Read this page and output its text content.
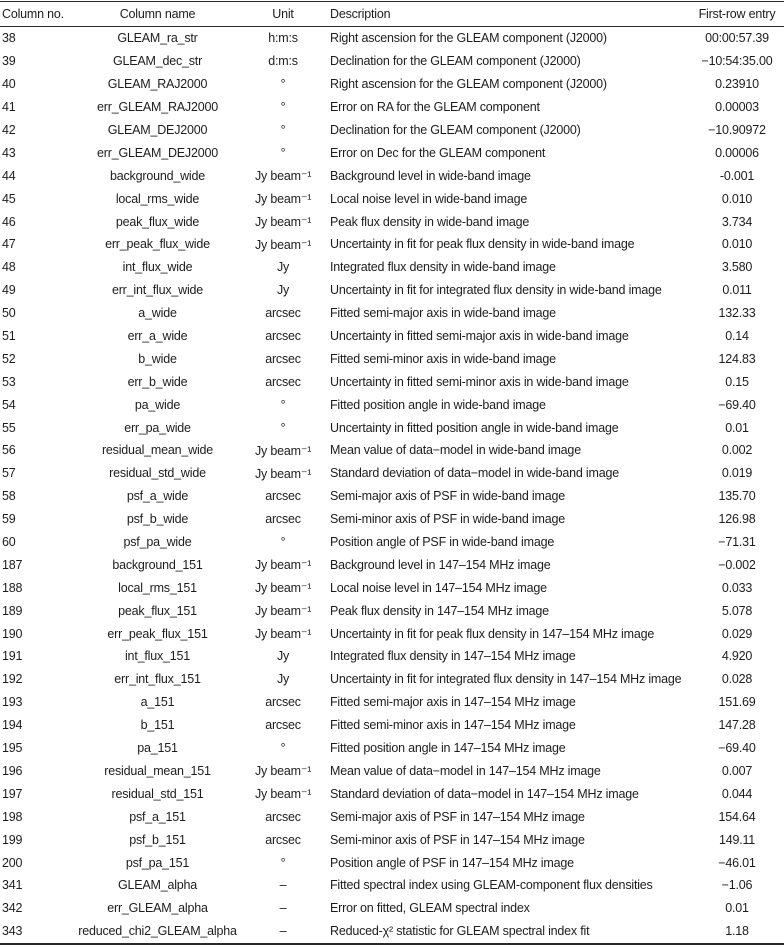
Column no.	Column name	Unit	Description	First-row entry
38	GLEAM_ra_str	h:m:s	Right ascension for the GLEAM component (J2000)	00:00:57.39
39	GLEAM_dec_str	d:m:s	Declination for the GLEAM component (J2000)	−10:54:35.00
40	GLEAM_RAJ2000	°	Right ascension for the GLEAM component (J2000)	0.23910
41	err_GLEAM_RAJ2000	°	Error on RA for the GLEAM component	0.00003
42	GLEAM_DEJ2000	°	Declination for the GLEAM component (J2000)	−10.90972
43	err_GLEAM_DEJ2000	°	Error on Dec for the GLEAM component	0.00006
44	background_wide	Jy beam⁻¹	Background level in wide-band image	-0.001
45	local_rms_wide	Jy beam⁻¹	Local noise level in wide-band image	0.010
46	peak_flux_wide	Jy beam⁻¹	Peak flux density in wide-band image	3.734
47	err_peak_flux_wide	Jy beam⁻¹	Uncertainty in fit for peak flux density in wide-band image	0.010
48	int_flux_wide	Jy	Integrated flux density in wide-band image	3.580
49	err_int_flux_wide	Jy	Uncertainty in fit for integrated flux density in wide-band image	0.011
50	a_wide	arcsec	Fitted semi-major axis in wide-band image	132.33
51	err_a_wide	arcsec	Uncertainty in fitted semi-major axis in wide-band image	0.14
52	b_wide	arcsec	Fitted semi-minor axis in wide-band image	124.83
53	err_b_wide	arcsec	Uncertainty in fitted semi-minor axis in wide-band image	0.15
54	pa_wide	°	Fitted position angle in wide-band image	−69.40
55	err_pa_wide	°	Uncertainty in fitted position angle in wide-band image	0.01
56	residual_mean_wide	Jy beam⁻¹	Mean value of data−model in wide-band image	0.002
57	residual_std_wide	Jy beam⁻¹	Standard deviation of data−model in wide-band image	0.019
58	psf_a_wide	arcsec	Semi-major axis of PSF in wide-band image	135.70
59	psf_b_wide	arcsec	Semi-minor axis of PSF in wide-band image	126.98
60	psf_pa_wide	°	Position angle of PSF in wide-band image	−71.31
187	background_151	Jy beam⁻¹	Background level in 147–154 MHz image	−0.002
188	local_rms_151	Jy beam⁻¹	Local noise level in 147–154 MHz image	0.033
189	peak_flux_151	Jy beam⁻¹	Peak flux density in 147–154 MHz image	5.078
190	err_peak_flux_151	Jy beam⁻¹	Uncertainty in fit for peak flux density in 147–154 MHz image	0.029
191	int_flux_151	Jy	Integrated flux density in 147–154 MHz image	4.920
192	err_int_flux_151	Jy	Uncertainty in fit for integrated flux density in 147–154 MHz image	0.028
193	a_151	arcsec	Fitted semi-major axis in 147–154 MHz image	151.69
194	b_151	arcsec	Fitted semi-minor axis in 147–154 MHz image	147.28
195	pa_151	°	Fitted position angle in 147–154 MHz image	−69.40
196	residual_mean_151	Jy beam⁻¹	Mean value of data−model in 147–154 MHz image	0.007
197	residual_std_151	Jy beam⁻¹	Standard deviation of data−model in 147–154 MHz image	0.044
198	psf_a_151	arcsec	Semi-major axis of PSF in 147–154 MHz image	154.64
199	psf_b_151	arcsec	Semi-minor axis of PSF in 147–154 MHz image	149.11
200	psf_pa_151	°	Position angle of PSF in 147–154 MHz image	−46.01
341	GLEAM_alpha	–	Fitted spectral index using GLEAM-component flux densities	−1.06
342	err_GLEAM_alpha	–	Error on fitted, GLEAM spectral index	0.01
343	reduced_chi2_GLEAM_alpha	–	Reduced-χ² statistic for GLEAM spectral index fit	1.18
